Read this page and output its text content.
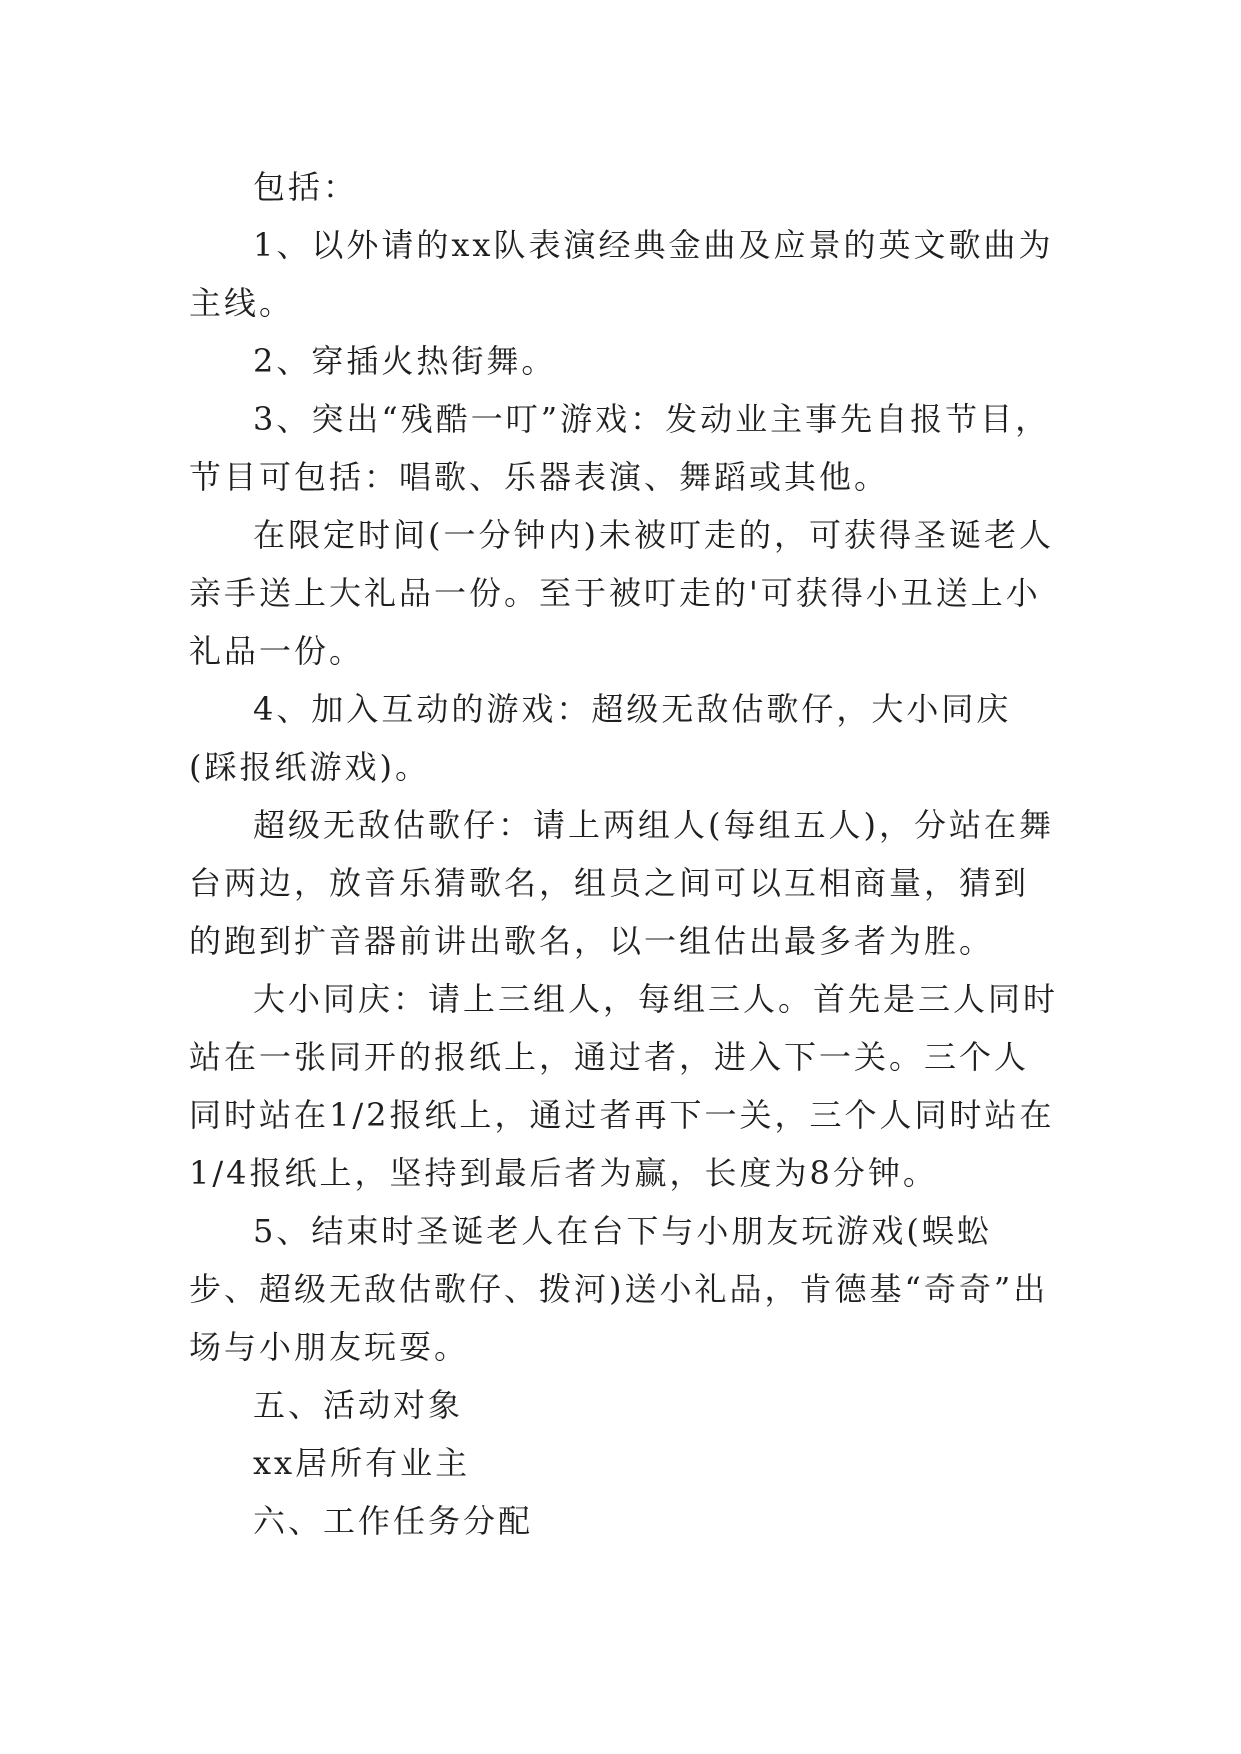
包括：

1、以外请的xx队表演经典金曲及应景的英文歌曲为主线。

2、穿插火热街舞。

3、突出“残酷一叮”游戏：发动业主事先自报节目，节目可包括：唱歌、乐器表演、舞蹈或其他。

在限定时间(一分钟内)未被叮走的，可获得圣诞老人亲手送上大礼品一份。至于被叮走的'可获得小丑送上小礼品一份。

4、加入互动的游戏：超级无敌估歌仔，大小同庆(踩报纸游戏)。

超级无敌估歌仔：请上两组人(每组五人)，分站在舞台两边，放音乐猜歌名，组员之间可以互相商量，猜到的跑到扩音器前讲出歌名，以一组估出最多者为胜。

大小同庆：请上三组人，每组三人。首先是三人同时站在一张同开的报纸上，通过者，进入下一关。三个人同时站在1/2报纸上，通过者再下一关，三个人同时站在1/4报纸上，坚持到最后者为赢，长度为8分钟。

5、结束时圣诞老人在台下与小朋友玩游戏(蜈蚣步、超级无敌估歌仔、拨河)送小礼品，肯德基“奇奇”出场与小朋友玩耍。

五、活动对象

xx居所有业主

六、工作任务分配
